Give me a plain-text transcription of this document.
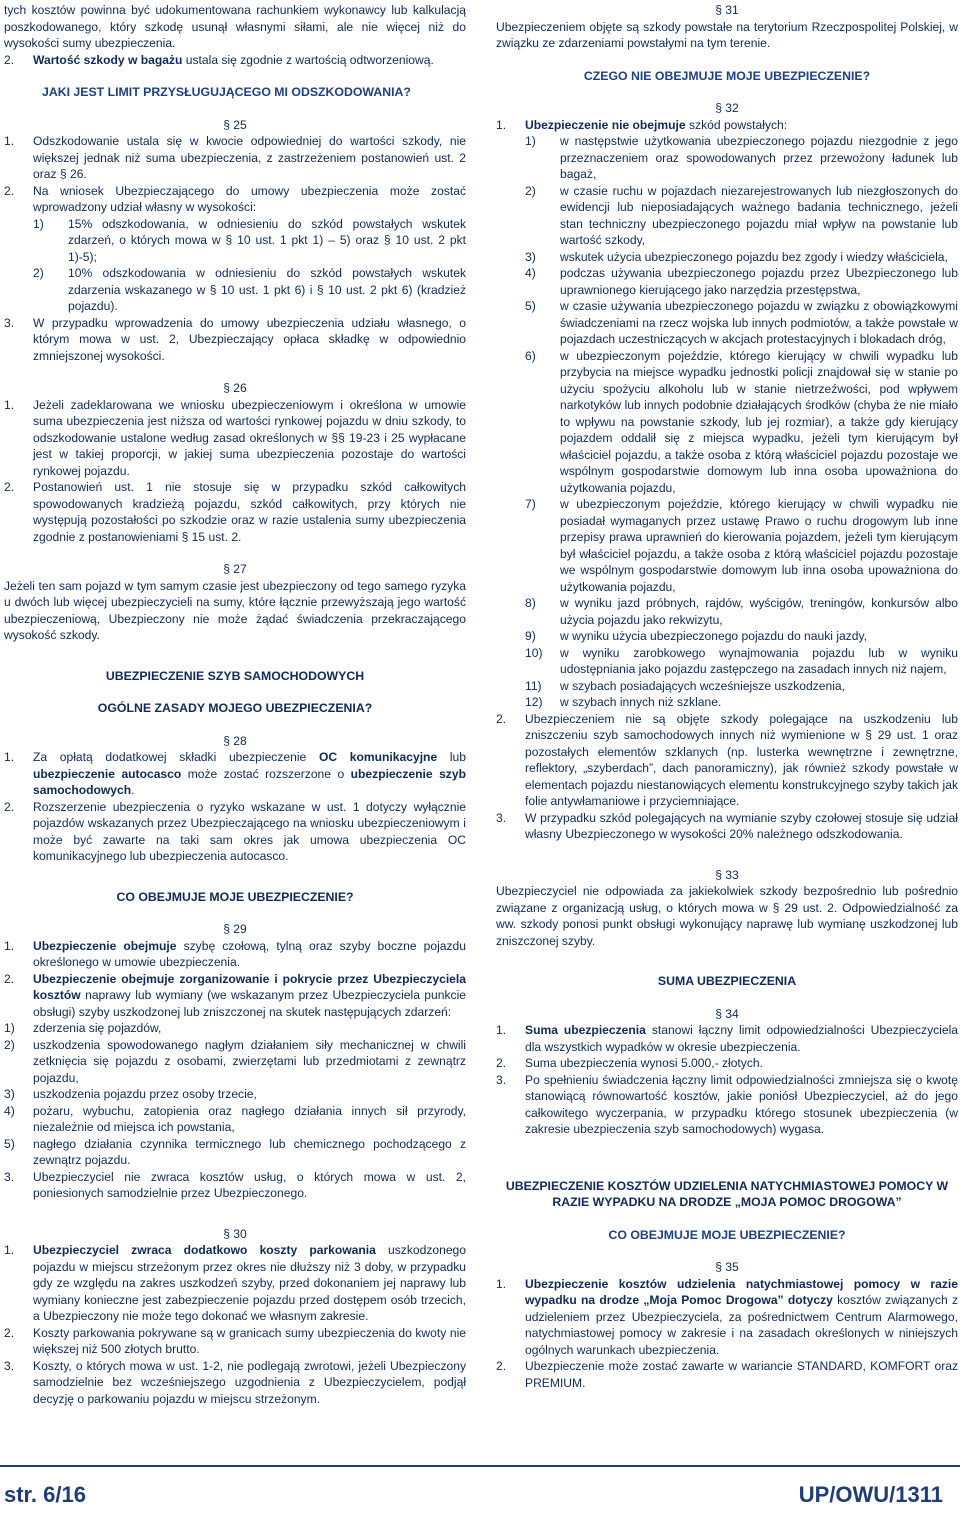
tych kosztów powinna być udokumentowana rachunkiem wykonawcy lub kalkulacją poszkodowanego, który szkodę usunął własnymi siłami, ale nie więcej niż do wysokości sumy ubezpieczenia.

2.	Wartość szkody w bagażu ustala się zgodnie z wartością odtworzeniową.

JAKI JEST LIMIT PRZYSŁUGUJĄCEGO MI ODSZKODOWANIA?

§ 25

1.	Odszkodowanie ustala się w kwocie odpowiedniej do wartości szkody, nie większej jednak niż suma ubezpieczenia, z zastrzeżeniem postanowień ust. 2 oraz § 26.
2.	Na wniosek Ubezpieczającego do umowy ubezpieczenia może zostać wprowadzony udział własny w wysokości:
1)	15% odszkodowania, w odniesieniu do szkód powstałych wskutek zdarzeń, o których mowa w § 10 ust. 1 pkt 1) – 5) oraz § 10 ust. 2 pkt 1)-5);
2)	10% odszkodowania w odniesieniu do szkód powstałych wskutek zdarzenia wskazanego w § 10 ust. 1 pkt 6) i § 10 ust. 2 pkt 6) (kradzież pojazdu).
3.	W przypadku wprowadzenia do umowy ubezpieczenia udziału własnego, o którym mowa w ust. 2, Ubezpieczający opłaca składkę w odpowiednio zmniejszonej wysokości.

§ 26

1.	Jeżeli zadeklarowana we wniosku ubezpieczeniowym i określona w umowie suma ubezpieczenia jest niższa od wartości rynkowej pojazdu w dniu szkody, to odszkodowanie ustalone według zasad określonych w §§ 19-23 i 25 wypłacane jest w takiej proporcji, w jakiej suma ubezpieczenia pozostaje do wartości rynkowej pojazdu.
2.	Postanowień ust. 1 nie stosuje się w przypadku szkód całkowitych spowodowanych kradzieżą pojazdu, szkód całkowitych, przy których nie występują pozostałości po szkodzie oraz w razie ustalenia sumy ubezpieczenia zgodnie z postanowieniami § 15 ust. 2.

§ 27

Jeżeli ten sam pojazd w tym samym czasie jest ubezpieczony od tego samego ryzyka u dwóch lub więcej ubezpieczycieli na sumy, które łącznie przewyższają jego wartość ubezpieczeniową, Ubezpieczony nie może żądać świadczenia przekraczającego wysokość szkody.

UBEZPIECZENIE SZYB SAMOCHODOWYCH

OGÓLNE ZASADY MOJEGO UBEZPIECZENIA?

§ 28

1.	Za opłatą dodatkowej składki ubezpieczenie OC komunikacyjne lub ubezpieczenie autocasco może zostać rozszerzone o ubezpieczenie szyb samochodowych.
2.	Rozszerzenie ubezpieczenia o ryzyko wskazane w ust. 1 dotyczy wyłącznie pojazdów wskazanych przez Ubezpieczającego na wniosku ubezpieczeniowym i może być zawarte na taki sam okres jak umowa ubezpieczenia OC komunikacyjnego lub ubezpieczenia autocasco.

CO OBEJMUJE MOJE UBEZPIECZENIE?

§ 29

1.	Ubezpieczenie obejmuje szybę czołową, tylną oraz szyby boczne pojazdu określonego w umowie ubezpieczenia.
2.	Ubezpieczenie obejmuje zorganizowanie i pokrycie przez Ubezpieczyciela kosztów naprawy lub wymiany (we wskazanym przez Ubezpieczyciela punkcie obsługi) szyby uszkodzonej lub zniszczonej na skutek następujących zdarzeń:
1)	zderzenia się pojazdów,
2)	uszkodzenia spowodowanego nagłym działaniem siły mechanicznej w chwili zetknięcia się pojazdu z osobami, zwierzętami lub przedmiotami z zewnątrz pojazdu,
3)	uszkodzenia pojazdu przez osoby trzecie,
4)	pożaru, wybuchu, zatopienia oraz nagłego działania innych sił przyrody, niezależnie od miejsca ich powstania,
5)	nagłego działania czynnika termicznego lub chemicznego pochodzącego z zewnątrz pojazdu.
3.	Ubezpieczyciel nie zwraca kosztów usług, o których mowa w ust. 2, poniesionych samodzielnie przez Ubezpieczonego.

§ 30

1.	Ubezpieczyciel zwraca dodatkowo koszty parkowania uszkodzonego pojazdu w miejscu strzeżonym przez okres nie dłuższy niż 3 doby, w przypadku gdy ze względu na zakres uszkodzeń szyby, przed dokonaniem jej naprawy lub wymiany konieczne jest zabezpieczenie pojazdu przed dostępem osób trzecich, a Ubezpieczony nie może tego dokonać we własnym zakresie.
2.	Koszty parkowania pokrywane są w granicach sumy ubezpieczenia do kwoty nie większej niż 500 złotych brutto.
3.	Koszty, o których mowa w ust. 1-2, nie podlegają zwrotowi, jeżeli Ubezpieczony samodzielnie bez wcześniejszego uzgodnienia z Ubezpieczycielem, podjął decyzję o parkowaniu pojazdu w miejscu strzeżonym.

§ 31

Ubezpieczeniem objęte są szkody powstałe na terytorium Rzeczpospolitej Polskiej, w związku ze zdarzeniami powstałymi na tym terenie.

CZEGO NIE OBEJMUJE MOJE UBEZPIECZENIE?

§ 32

1.	Ubezpieczenie nie obejmuje szkód powstałych:
1)	w następstwie użytkowania ubezpieczonego pojazdu niezgodnie z jego przeznaczeniem oraz spowodowanych przez przewożony ładunek lub bagaż,
2)	w czasie ruchu w pojazdach niezarejestrowanych lub niezgłoszonych do ewidencji lub nieposiadających ważnego badania technicznego, jeżeli stan techniczny ubezpieczonego pojazdu miał wpływ na powstanie lub wartość szkody,
3)	wskutek użycia ubezpieczonego pojazdu bez zgody i wiedzy właściciela,
4)	podczas używania ubezpieczonego pojazdu przez Ubezpieczonego lub uprawnionego kierującego jako narzędzia przestępstwa,
5)	w czasie używania ubezpieczonego pojazdu w związku z obowiązkowymi świadczeniami na rzecz wojska lub innych podmiotów, a także powstałe w pojazdach uczestniczących w akcjach protestacyjnych i blokadach dróg,
6)	w ubezpieczonym pojeździe, którego kierujący w chwili wypadku lub przybycia na miejsce wypadku jednostki policji znajdował się w stanie po użyciu spożyciu alkoholu lub w stanie nietrzeźwości, pod wpływem narkotyków lub innych podobnie działających środków (chyba że nie miało to wpływu na powstanie szkody, lub jej rozmiar), a także gdy kierujący pojazdem oddalił się z miejsca wypadku, jeżeli tym kierującym był właściciel pojazdu, a także osoba z którą właściciel pojazdu pozostaje we wspólnym gospodarstwie domowym lub inna osoba upoważniona do użytkowania pojazdu,
7)	w ubezpieczonym pojeździe, którego kierujący w chwili wypadku nie posiadał wymaganych przez ustawę Prawo o ruchu drogowym lub inne przepisy prawa uprawnień do kierowania pojazdem, jeżeli tym kierującym był właściciel pojazdu, a także osoba z którą właściciel pojazdu pozostaje we wspólnym gospodarstwie domowym lub inna osoba upoważniona do użytkowania pojazdu,
8)	w wyniku jazd próbnych, rajdów, wyścigów, treningów, konkursów albo użycia pojazdu jako rekwizytu,
9)	w wyniku użycia ubezpieczonego pojazdu do nauki jazdy,
10)	w wyniku zarobkowego wynajmowania pojazdu lub w wyniku udostępniania jako pojazdu zastępczego na zasadach innych niż najem,
11)	w szybach posiadających wcześniejsze uszkodzenia,
12)	w szybach innych niż szklane.
2.	Ubezpieczeniem nie są objęte szkody polegające na uszkodzeniu lub zniszczeniu szyb samochodowych innych niż wymienione w § 29 ust. 1 oraz pozostałych elementów szklanych (np. lusterka wewnętrzne i zewnętrzne, reflektory, „szyberdach”, dach panoramiczny), jak również szkody powstałe w elementach pojazdu niestanowiących elementu konstrukcyjnego szyby takich jak folie antywłamaniowe i przyciemniające.
3.	W przypadku szkód polegających na wymianie szyby czołowej stosuje się udział własny Ubezpieczonego w wysokości 20% należnego odszkodowania.

§ 33

Ubezpieczyciel nie odpowiada za jakiekolwiek szkody bezpośrednio lub pośrednio związane z organizacją usług, o których mowa w § 29 ust. 2. Odpowiedzialność za ww. szkody ponosi punkt obsługi wykonujący naprawę lub wymianę uszkodzonej lub zniszczonej szyby.

SUMA UBEZPIECZENIA

§ 34

1.	Suma ubezpieczenia stanowi łączny limit odpowiedzialności Ubezpieczyciela dla wszystkich wypadków w okresie ubezpieczenia.
2.	Suma ubezpieczenia wynosi 5.000,- złotych.
3.	Po spełnieniu świadczenia łączny limit odpowiedzialności zmniejsza się o kwotę stanowiącą równowartość kosztów, jakie poniósł Ubezpieczyciel, aż do jego całkowitego wyczerpania, w przypadku którego stosunek ubezpieczenia (w zakresie ubezpieczenia szyb samochodowych) wygasa.

UBEZPIECZENIE KOSZTÓW UDZIELENIA NATYCHMIASTOWEJ POMOCY W RAZIE WYPADKU NA DRODZE „MOJA POMOC DROGOWA”

CO OBEJMUJE MOJE UBEZPIECZENIE?

§ 35

1.	Ubezpieczenie kosztów udzielenia natychmiastowej pomocy w razie wypadku na drodze „Moja Pomoc Drogowa” dotyczy kosztów związanych z udzieleniem przez Ubezpieczyciela, za pośrednictwem Centrum Alarmowego, natychmiastowej pomocy w zakresie i na zasadach określonych w niniejszych ogólnych warunkach ubezpieczenia.
2.	Ubezpieczenie może zostać zawarte w wariancie STANDARD, KOMFORT oraz PREMIUM.
str. 6/16	UP/OWU/1311
